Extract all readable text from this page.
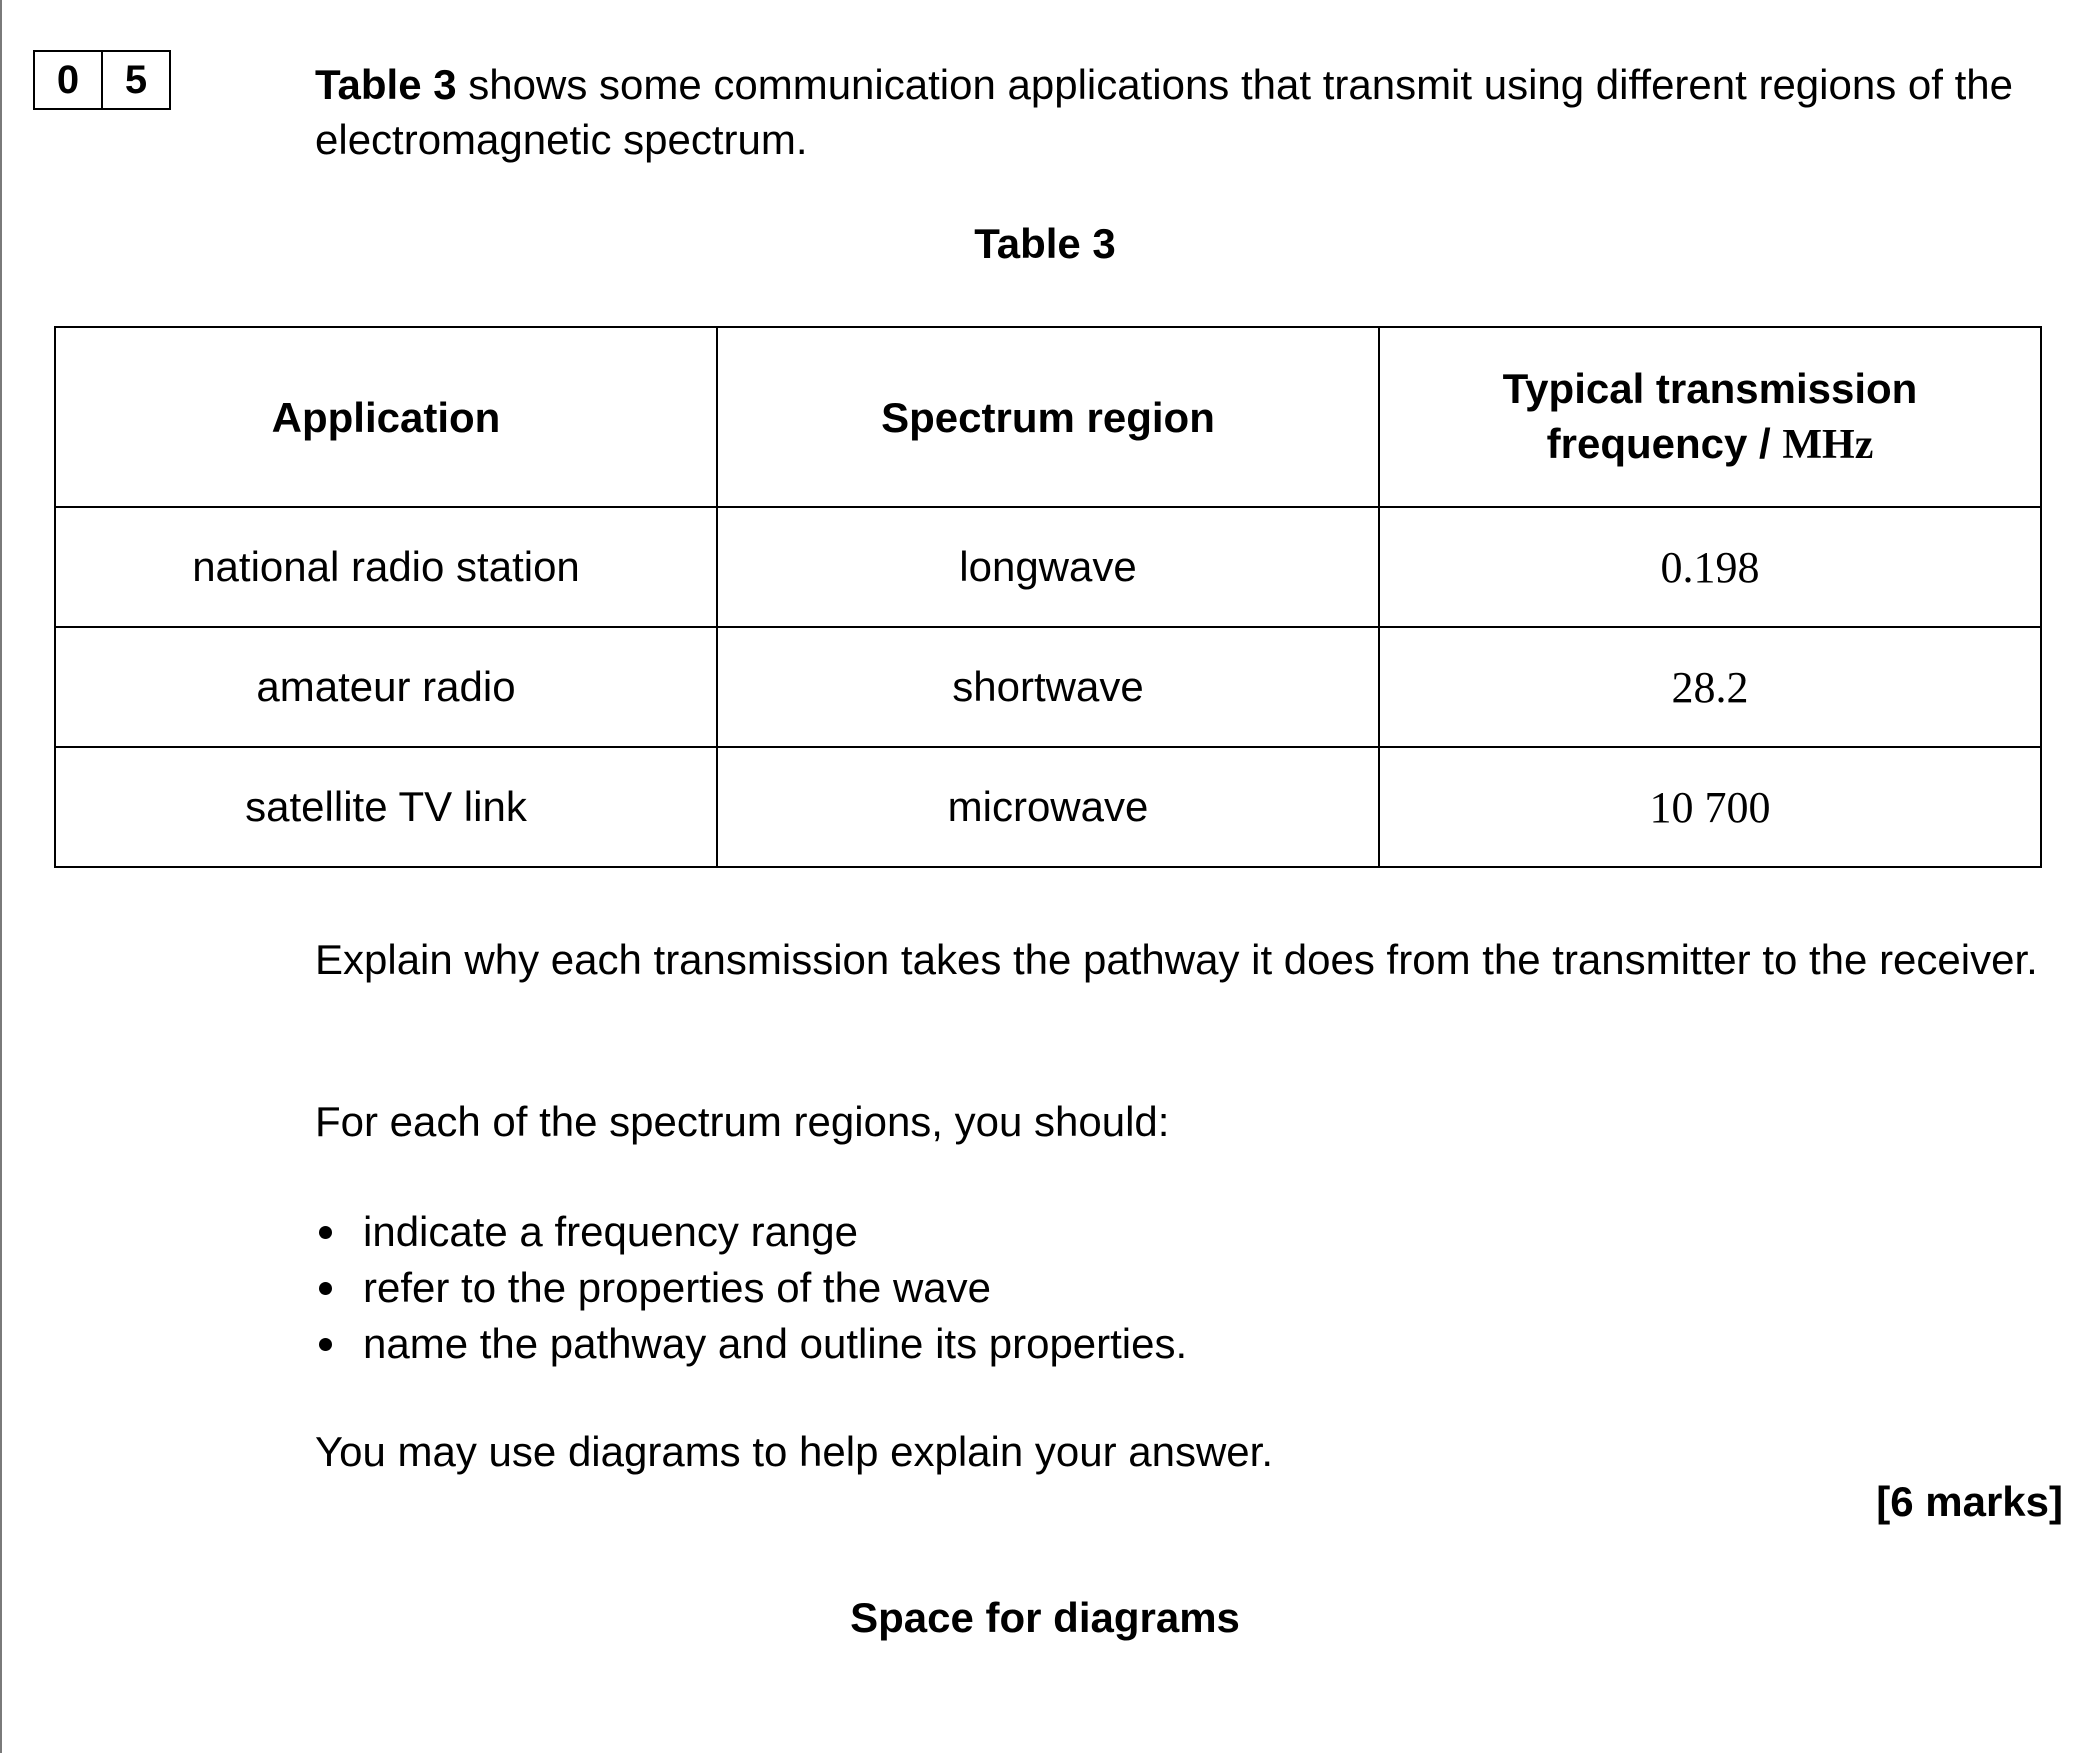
0	5	Table 3 shows some communication applications that transmit using different regions of the electromagnetic spectrum.

Table 3

Application	Spectrum region	Typical transmission
frequency / MHz
national radio station	longwave	0.198
amateur radio	shortwave	28.2
satellite TV link	microwave	10 700

Explain why each transmission takes the pathway it does from the transmitter to the receiver.

For each of the spectrum regions, you should:

indicate a frequency range
refer to the properties of the wave
name the pathway and outline its properties.

You may use diagrams to help explain your answer.

[6 marks]

Space for diagrams
